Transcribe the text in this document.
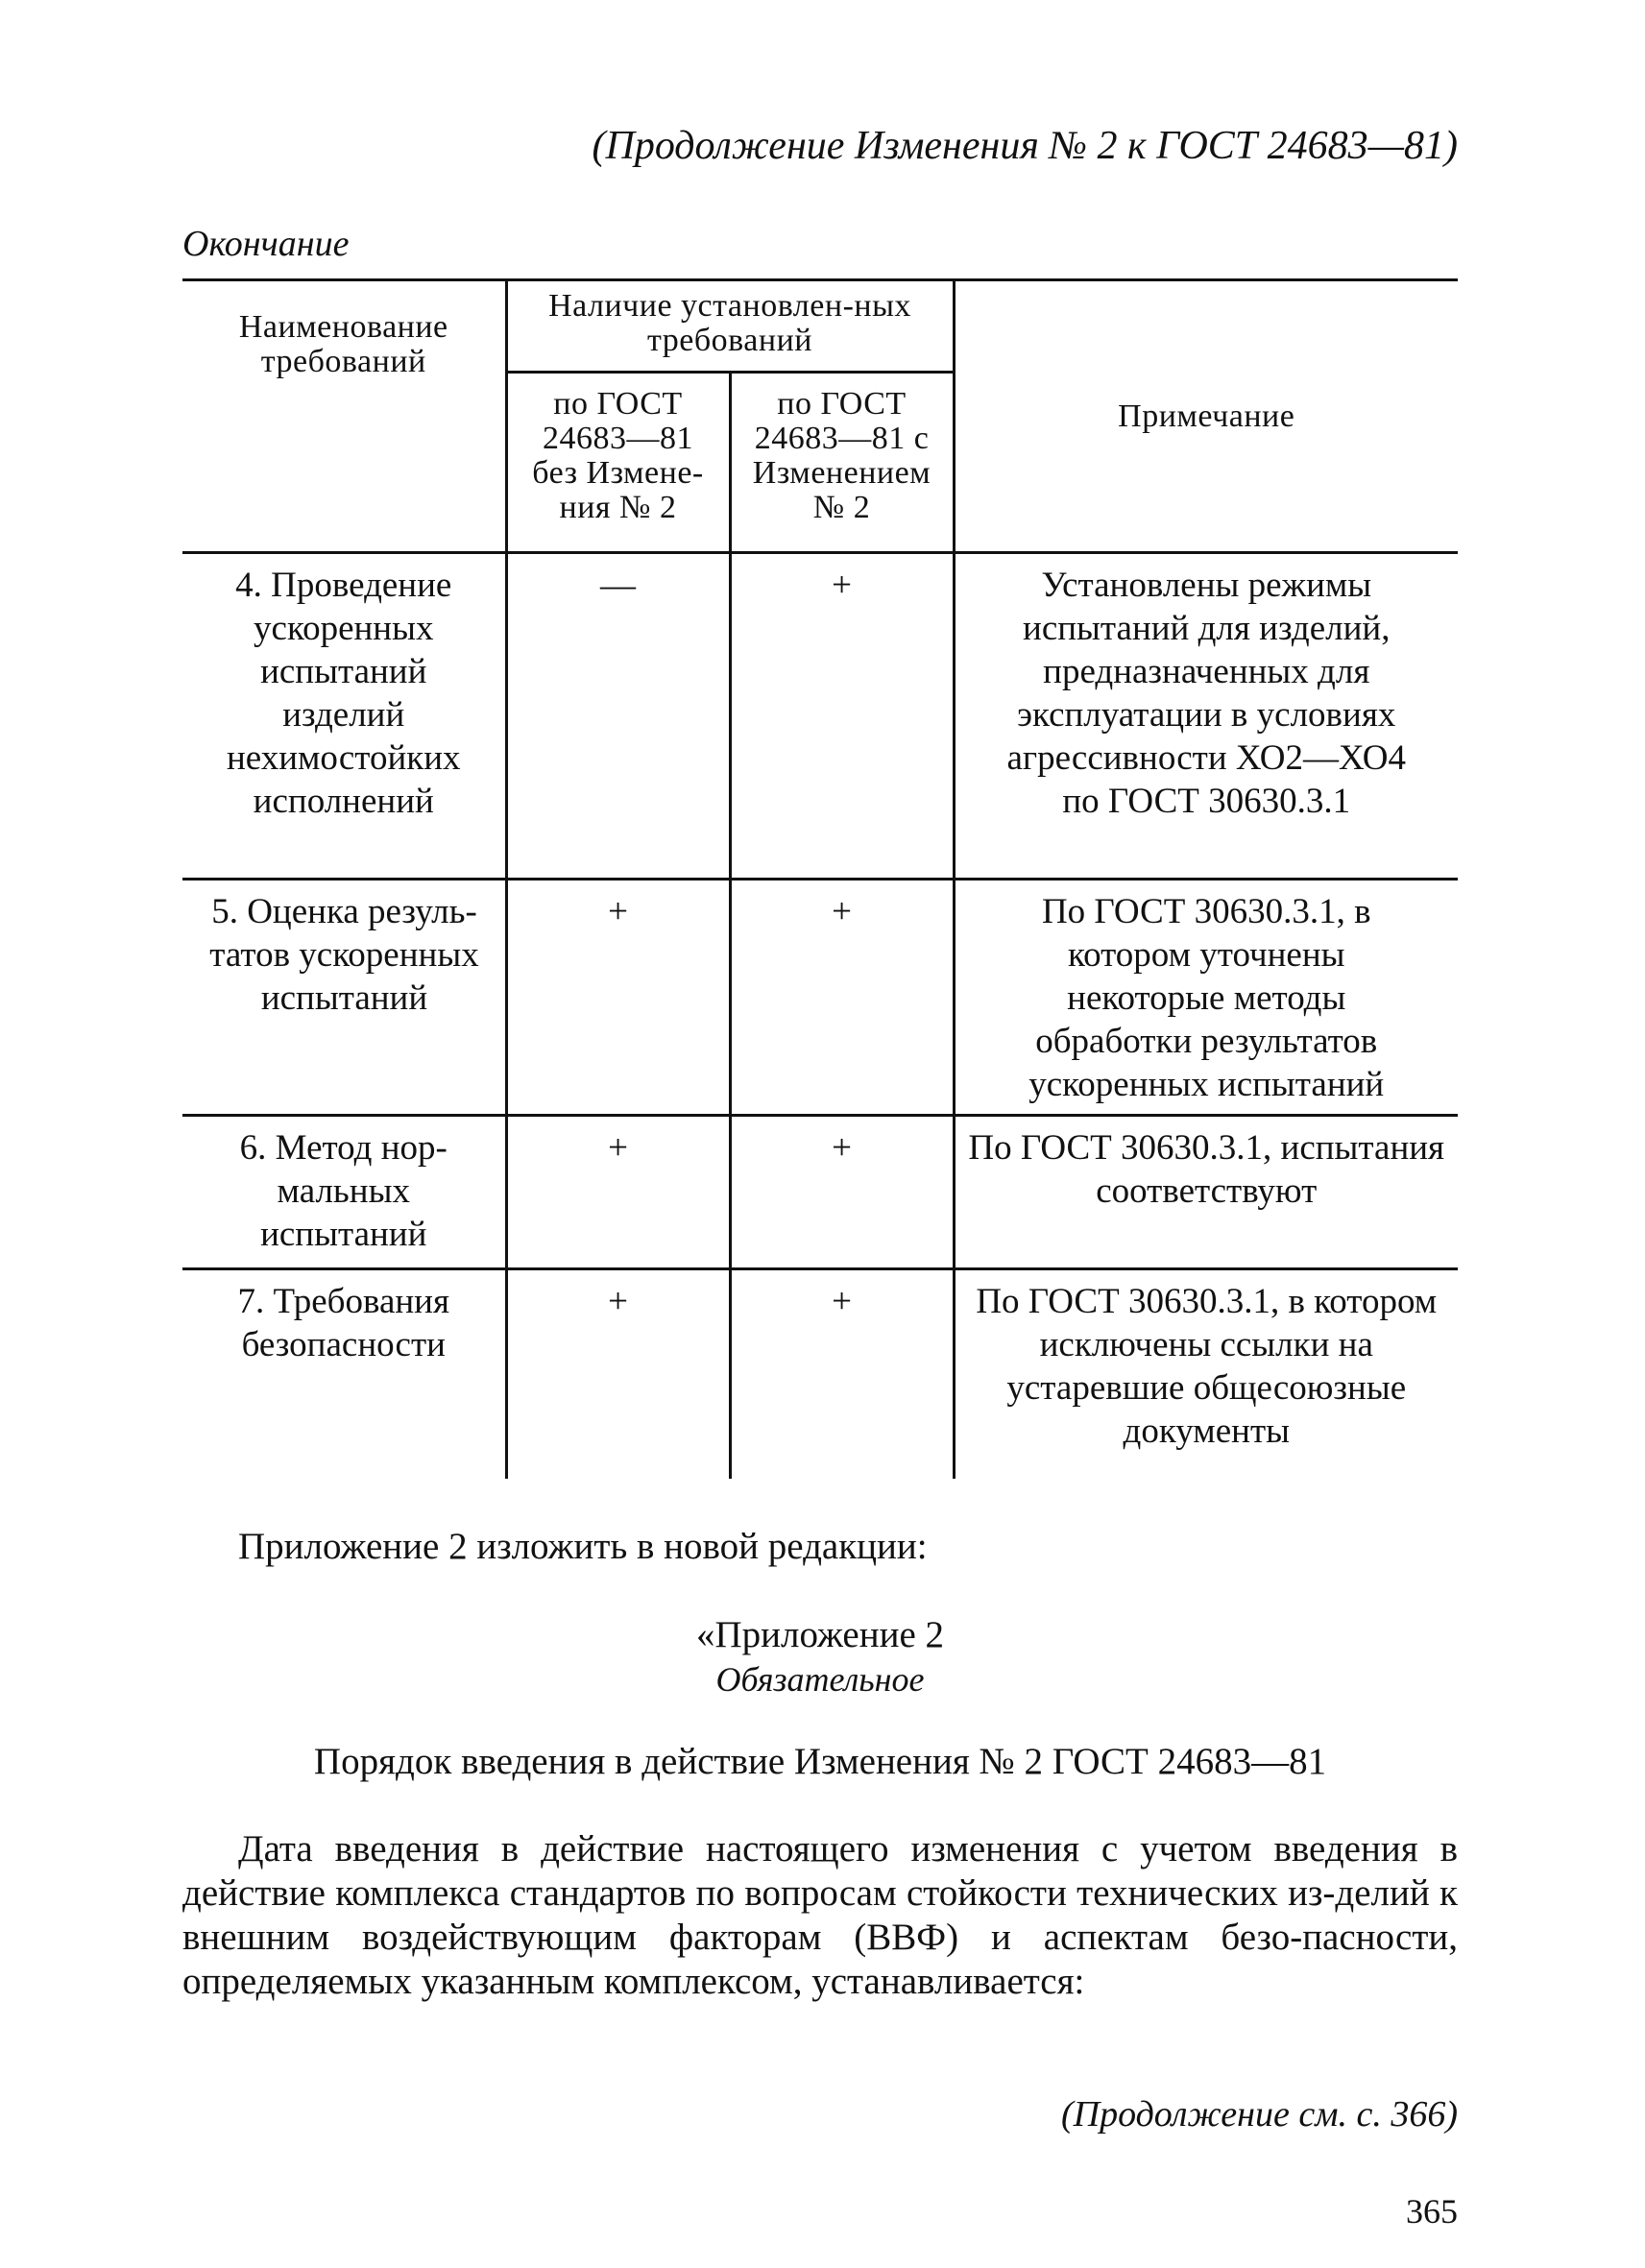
(Продолжение Изменения № 2 к ГОСТ 24683—81)
Окончание
Наименование требований	Наличие установлен-ных требований		Примечание

	по ГОСТ 24683—81 без Измене-ния № 2	по ГОСТ 24683—81 с Изменением № 2	

4. Проведение ускоренных испытаний изделий нехимостойких исполнений	—	+	Установлены режимы испытаний для изделий, предназначенных для эксплуатации в условиях агрессивности ХО2—ХО4 по ГОСТ 30630.3.1

5. Оценка резуль-татов ускоренных испытаний	+	+	По ГОСТ 30630.3.1, в котором уточнены некоторые методы обработки результатов ускоренных испытаний

6. Метод нор-мальных испытаний	+	+	По ГОСТ 30630.3.1, испытания соответствуют

7. Требования безопасности	+	+	По ГОСТ 30630.3.1, в котором исключены ссылки на устаревшие общесоюзные документы
Приложение 2 изложить в новой редакции:
«Приложение 2
Обязательное
Порядок введения в действие Изменения № 2 ГОСТ 24683—81
Дата введения в действие настоящего изменения с учетом введения в действие комплекса стандартов по вопросам стойкости технических из-делий к внешним воздействующим факторам (ВВФ) и аспектам безо-пасности, определяемых указанным комплексом, устанавливается:
(Продолжение см. с. 366)
365
